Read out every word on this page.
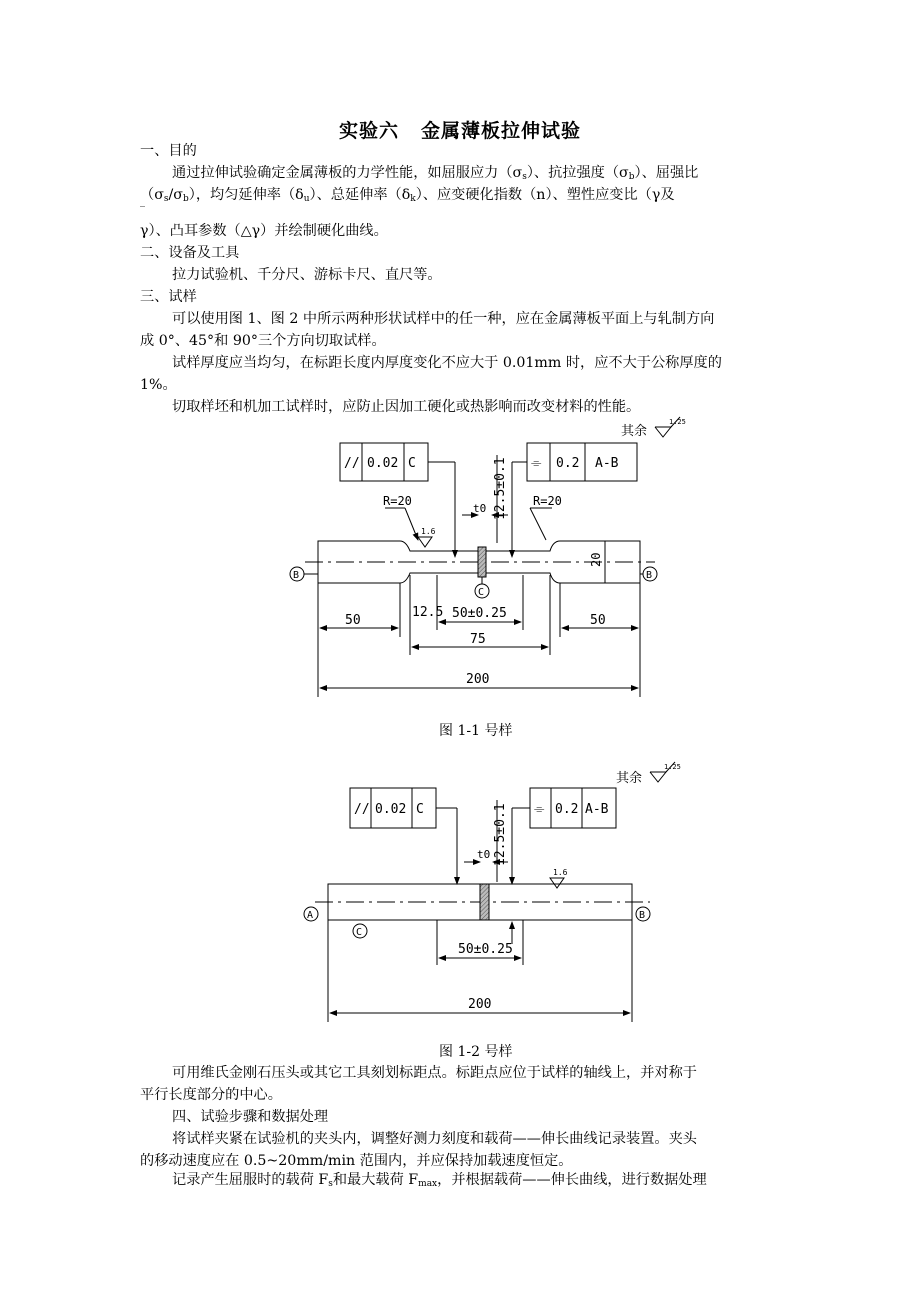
实验六 金属薄板拉伸试验
一、目的
通过拉伸试验确定金属薄板的力学性能，如屈服应力$(\sigma_s)$、抗拉强度$(\sigma_b)$、屈强比
$(\sigma_s/\sigma_b)$，均匀延伸率$(\delta_u)$、总延伸率$(\delta_k)$、应变硬化指数（n）、塑性应变比（γ及
‾
γ）、凸耳参数（△γ）并绘制硬化曲线。
二、设备及工具
拉力试验机、千分尺、游标卡尺、直尺等。
三、试样
可以使用图 1、图 2 中所示两种形状试样中的任一种，应在金属薄板平面上与轧制方向
成 0°、45°和 90°三个方向切取试样。
试样厚度应当均匀，在标距长度内厚度变化不应大于 0.01mm 时，应不大于公称厚度的
1%。
切取样坯和机加工试样时，应防止因加工硬化或热影响而改变材料的性能。
其余
1.25
// 0.02 C	⌯ 0.2 A-B
R=20	R=20
t0 12.5±0.1
1.6
20
B	B
C
50
12.5 50±0.25	50
75
200
图 1-1 号样
其余
1.25
// 0.02 C	⌯ 0.2 A-B
t0 12.5±0.1
1.6
A	B
C
50±0.25
200
图 1-2 号样
可用维氏金刚石压头或其它工具刻划标距点。标距点应位于试样的轴线上，并对称于
平行长度部分的中心。
四、试验步骤和数据处理
将试样夹紧在试验机的夹头内，调整好测力刻度和载荷——伸长曲线记录装置。夹头
的移动速度应在 0.5~20mm/min 范围内，并应保持加载速度恒定。
记录产生屈服时的载荷 $F_s$和最大载荷 $F_{max}$，并根据载荷——伸长曲线，进行数据处理
